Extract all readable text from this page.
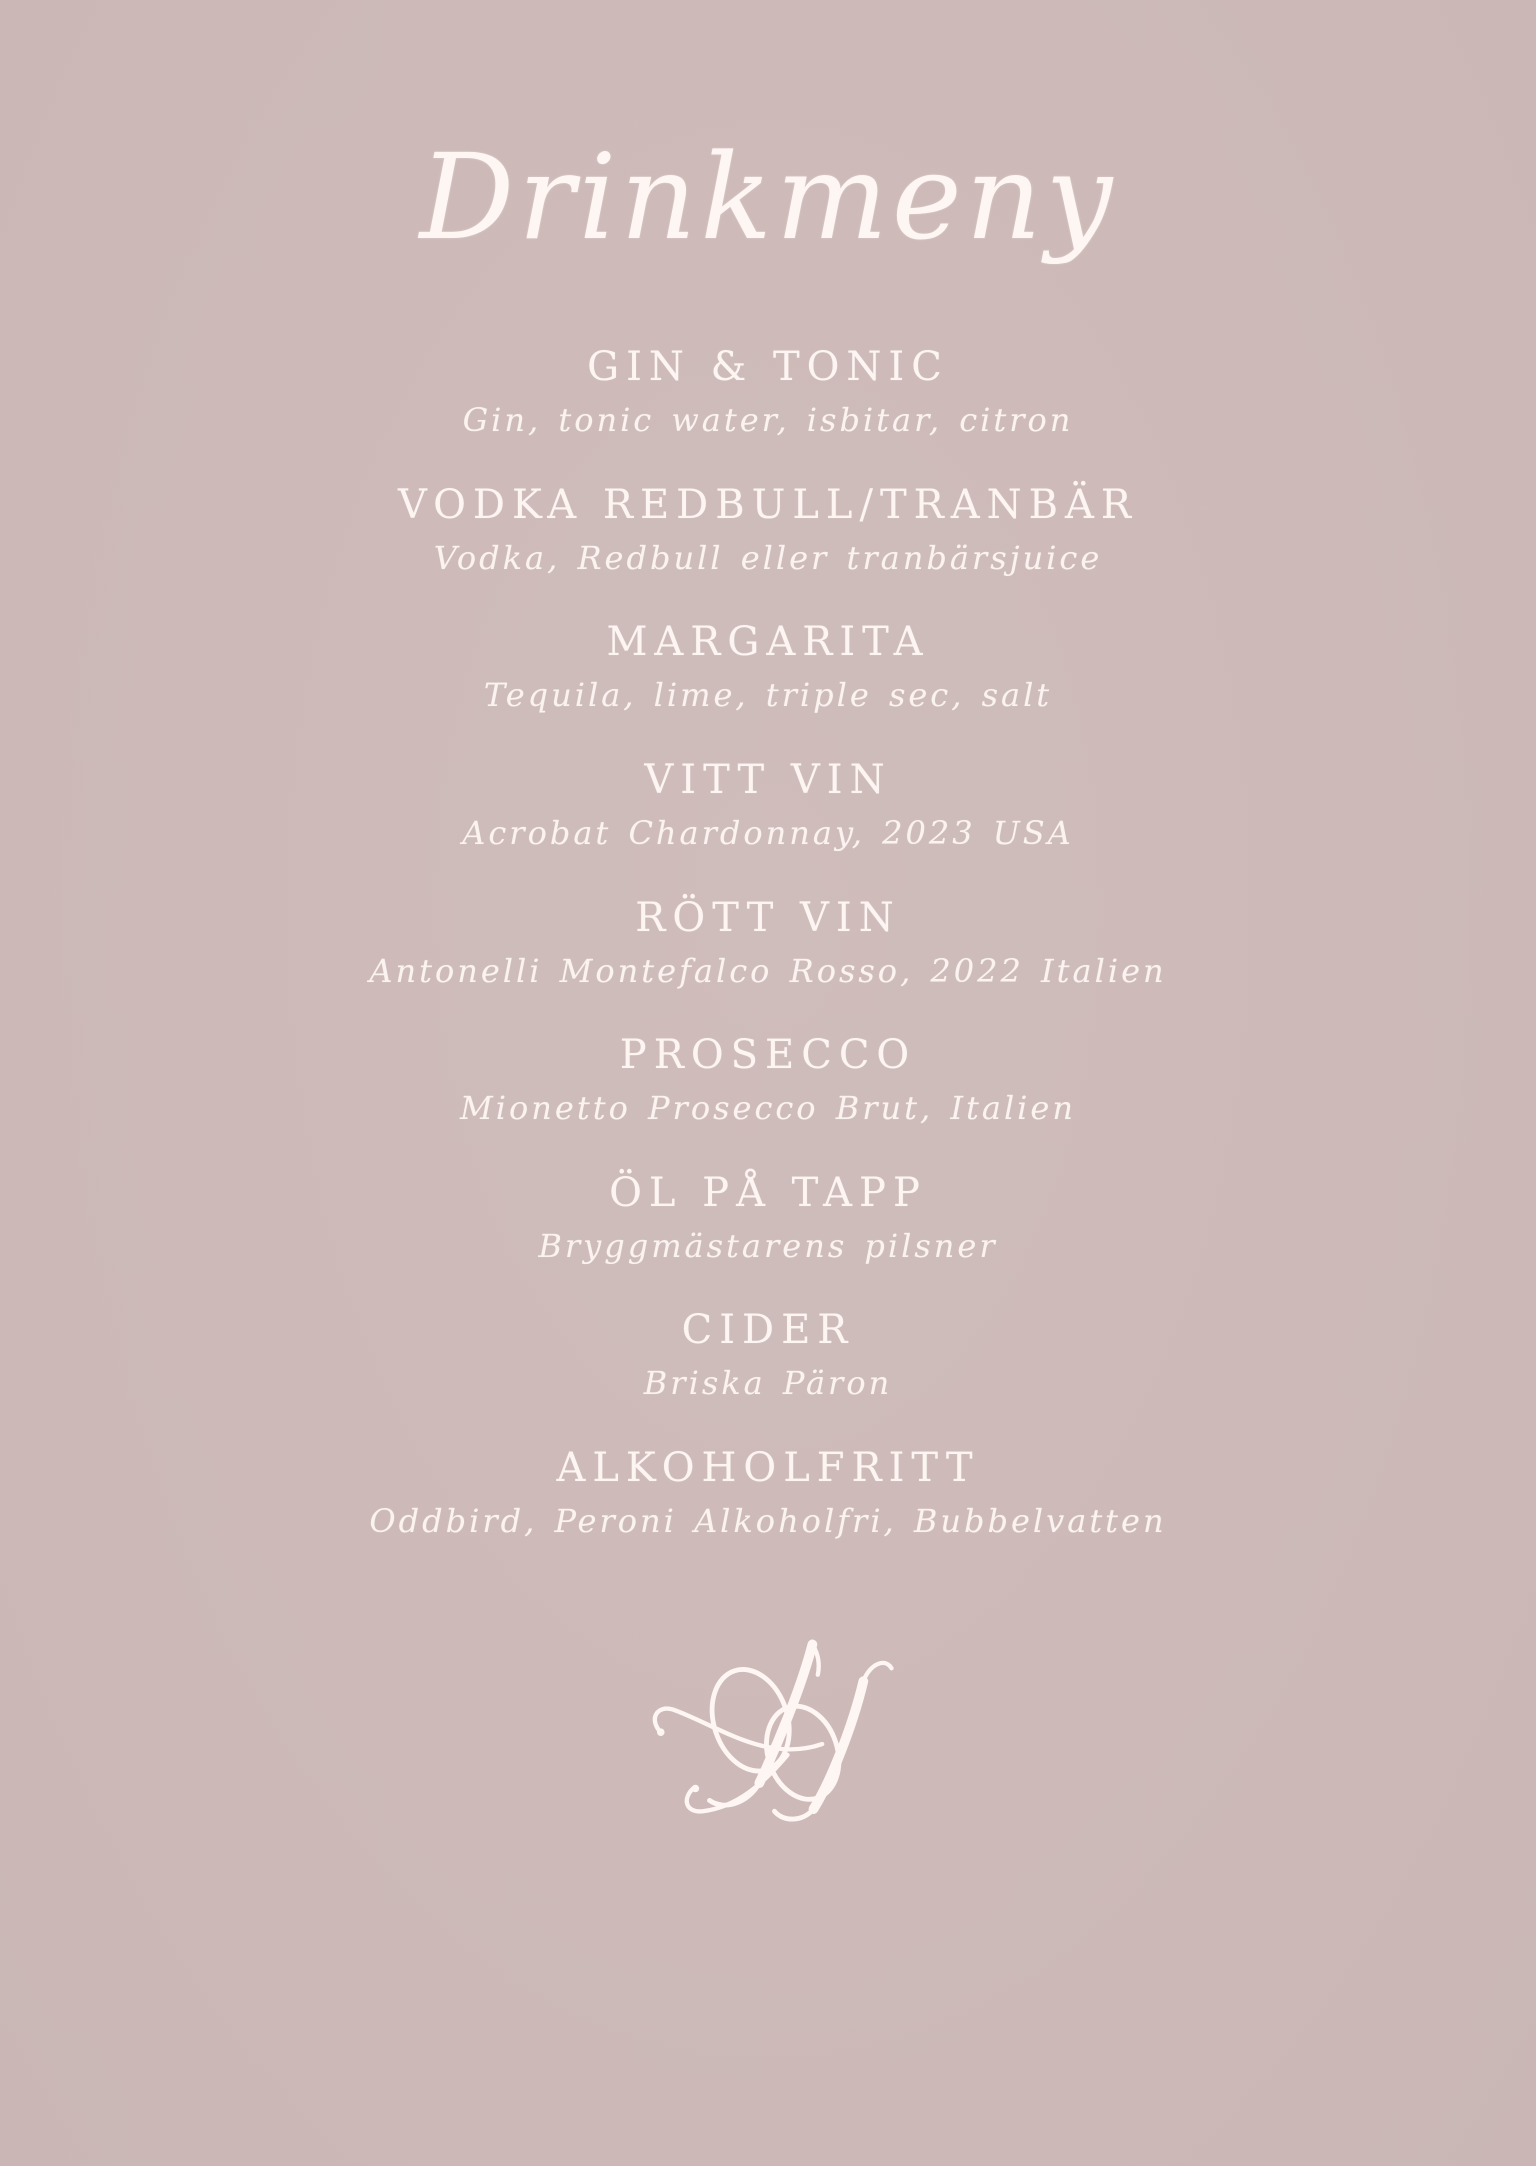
Drinkmeny
GIN & TONIC

Gin, tonic water, isbitar, citron

VODKA REDBULL/TRANBÄR

Vodka, Redbull eller tranbärsjuice

MARGARITA

Tequila, lime, triple sec, salt

VITT VIN

Acrobat Chardonnay, 2023 USA

RÖTT VIN

Antonelli Montefalco Rosso, 2022 Italien

PROSECCO

Mionetto Prosecco Brut, Italien

ÖL PÅ TAPP

Bryggmästarens pilsner

CIDER

Briska Päron

ALKOHOLFRITT

Oddbird, Peroni Alkoholfri, Bubbelvatten
